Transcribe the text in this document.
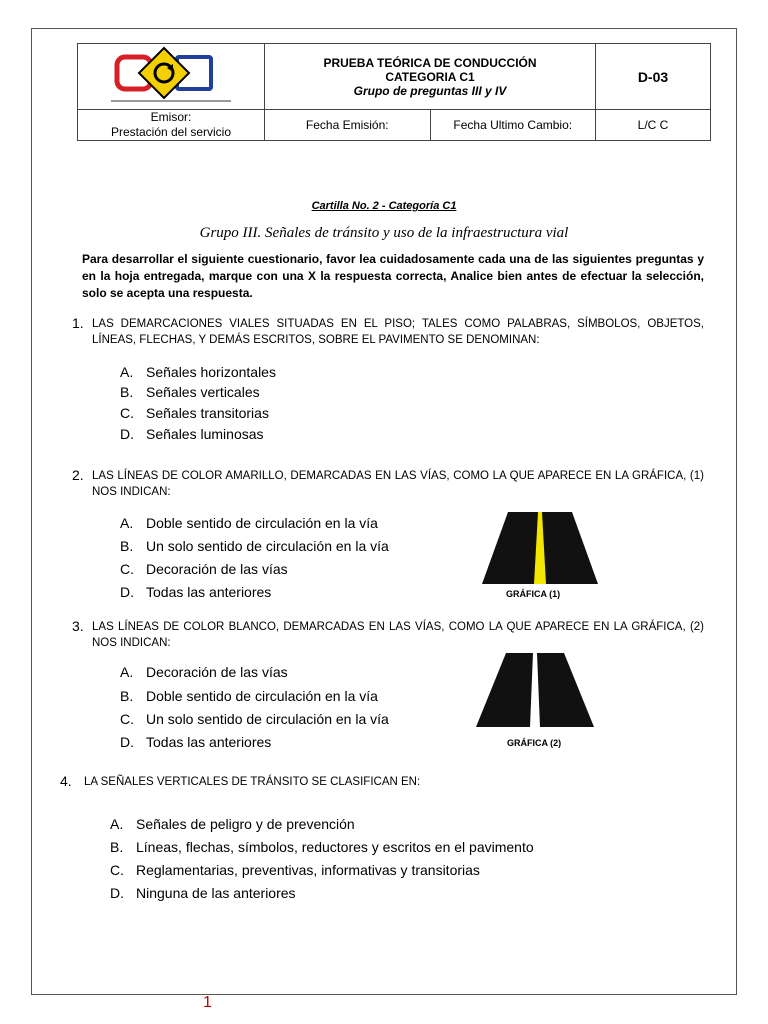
PRUEBA TEÓRICA DE CONDUCCIÓN
CATEGORIA C1
Grupo de preguntas III y IV		D-03

Emisor:
Prestación del servicio	Fecha Emisión:	Fecha Ultimo Cambio:	L/C C
Cartilla No. 2 - Categoría C1
Grupo III. Señales de tránsito y uso de la infraestructura vial
Para desarrollar el siguiente cuestionario, favor lea cuidadosamente cada una de las siguientes preguntas y en la hoja entregada, marque con una X la respuesta correcta, Analice bien antes de efectuar la selección, solo se acepta una respuesta.
1. LAS DEMARCACIONES VIALES SITUADAS EN EL PISO; TALES COMO PALABRAS, SÍMBOLOS, OBJETOS, LÍNEAS, FLECHAS, Y DEMÁS ESCRITOS, SOBRE EL PAVIMENTO SE DENOMINAN:
A. Señales horizontales
B. Señales verticales
C. Señales transitorias
D. Señales luminosas
2. LAS LÍNEAS DE COLOR AMARILLO, DEMARCADAS EN LAS VÍAS, COMO LA QUE APARECE EN LA GRÁFICA, (1) NOS INDICAN:
A. Doble sentido de circulación en la vía
B. Un solo sentido de circulación en la vía
C. Decoración de las vías
D. Todas las anteriores	GRÁFICA (1)
3. LAS LÍNEAS DE COLOR BLANCO, DEMARCADAS EN LAS VÍAS, COMO LA QUE APARECE EN LA GRÁFICA, (2) NOS INDICAN:
A. Decoración de las vías
B. Doble sentido de circulación en la vía
C. Un solo sentido de circulación en la vía
D. Todas las anteriores	GRÁFICA (2)
4. LA SEÑALES VERTICALES DE TRÁNSITO SE CLASIFICAN EN:
A. Señales de peligro y de prevención
B. Líneas, flechas, símbolos, reductores y escritos en el pavimento
C. Reglamentarias, preventivas, informativas y transitorias
D. Ninguna de las anteriores
1
